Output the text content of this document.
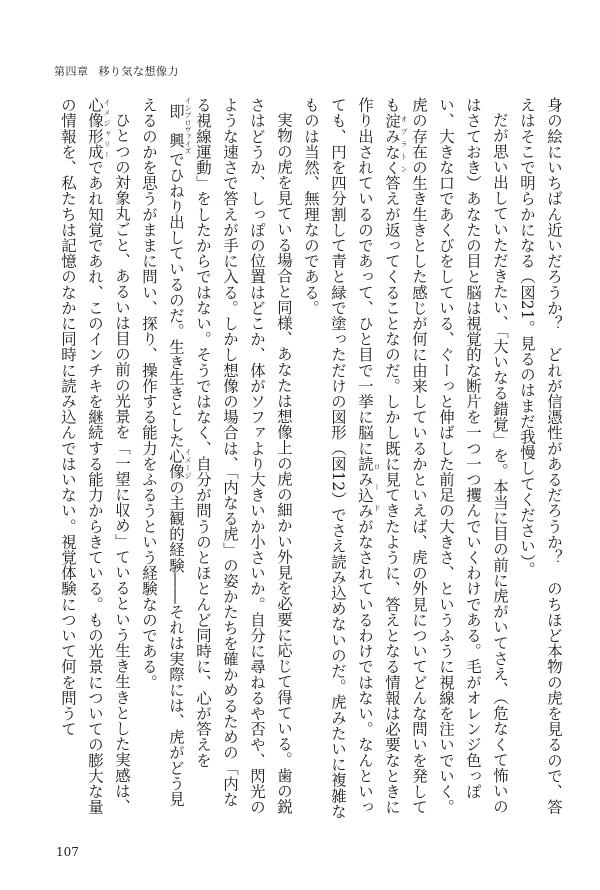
第四章 移り気な想像力

身の絵にいちばん近いだろうか？　どれが信憑性があるだろうか？　のちほど本物の虎を見るので、答えはそこで明らかになる（図21。見るのはまだ我慢してください）。

だが思い出していただきたい、「大いなる錯覚」を。本当に目の前に虎がいてさえ、（危なくて怖いのはさておき）あなたの目と脳は視覚的な断片を一つ一つ攫んでいくわけである。毛がオレンジ色っぽい、大きな口であくびをしている、ぐーっと伸ばした前足の大きさ、というふうに視線を注いでいく。虎の存在の生き生きとした感じが何に由来しているかといえば、虎の外見についてどんな問いを発しても淀みなく オプラトン答えが返ってくることなのだ。しかし既に見てきたように、答えとなる情報は必要なときに作り出されているのであって、ひと目で一挙に脳に読み込み ロードがなされているわけではない。なんといっても、円を四分割して青と緑で塗っただけの図形（図12）でさえ読み込めないのだ。虎みたいに複雑なものは当然、無理なのである。

実物の虎を見ている場合と同様、あなたは想像上の虎の細かい外見を必要に応じて得ている。歯の鋭さはどうか、しっぽの位置はどこか、体がソファより大きいか小さいか。自分に尋ねるや否や、閃光のような速さで答えが手に入る。しかし想像の場合は、「内なる虎」の姿かたちを確かめるための「内なる視線運動」をしたからではない。そうではなく、自分が問うのとほとんど同時に、心が答えを即興 インプロヴァイズでひねり出しているのだ。生き生きとした心像 イメージの主観的経験――それは実際には、虎がどう見えるのかを思うがままに問い、探り、操作する能力をふるうという経験なのである。

ひとつの対象丸ごと、あるいは目の前の光景を「一望に収め」ているという生き生きとした実感は、心像形成 イメジャリーであれ知覚であれ、このインチキを継続する能力からきている。もの光景についての膨大な量の情報を、私たちは記憶のなかに同時に読み込んではいない。視覚体験について何を問うて

107
